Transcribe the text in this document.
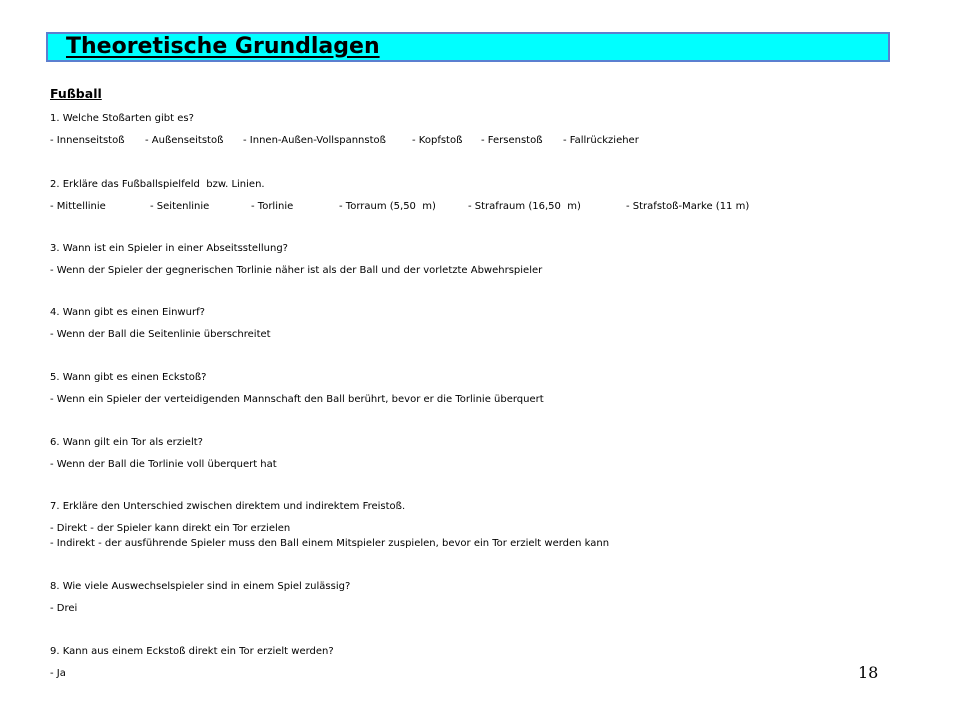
Theoretische Grundlagen
Fußball
1. Welche Stoßarten gibt es?
- Innenseitstoß - Außenseitstoß - Innen-Außen-Vollspannstoß	- Kopfstoß - Fersenstoß - Fallrückzieher
2. Erkläre das Fußballspielfeld  bzw. Linien.
- Mittellinie	- Seitenlinie	- Torlinie	- Torraum (5,50  m)	- Strafraum (16,50  m)	- Strafstoß-Marke (11 m)
3. Wann ist ein Spieler in einer Abseitsstellung?
- Wenn der Spieler der gegnerischen Torlinie näher ist als der Ball und der vorletzte Abwehrspieler
4. Wann gibt es einen Einwurf?
- Wenn der Ball die Seitenlinie überschreitet
5. Wann gibt es einen Eckstoß?
- Wenn ein Spieler der verteidigenden Mannschaft den Ball berührt, bevor er die Torlinie überquert
6. Wann gilt ein Tor als erzielt?
- Wenn der Ball die Torlinie voll überquert hat
7. Erkläre den Unterschied zwischen direktem und indirektem Freistoß.
- Direkt - der Spieler kann direkt ein Tor erzielen
- Indirekt - der ausführende Spieler muss den Ball einem Mitspieler zuspielen, bevor ein Tor erzielt werden kann
8. Wie viele Auswechselspieler sind in einem Spiel zulässig?
- Drei
9. Kann aus einem Eckstoß direkt ein Tor erzielt werden?
- Ja	18
